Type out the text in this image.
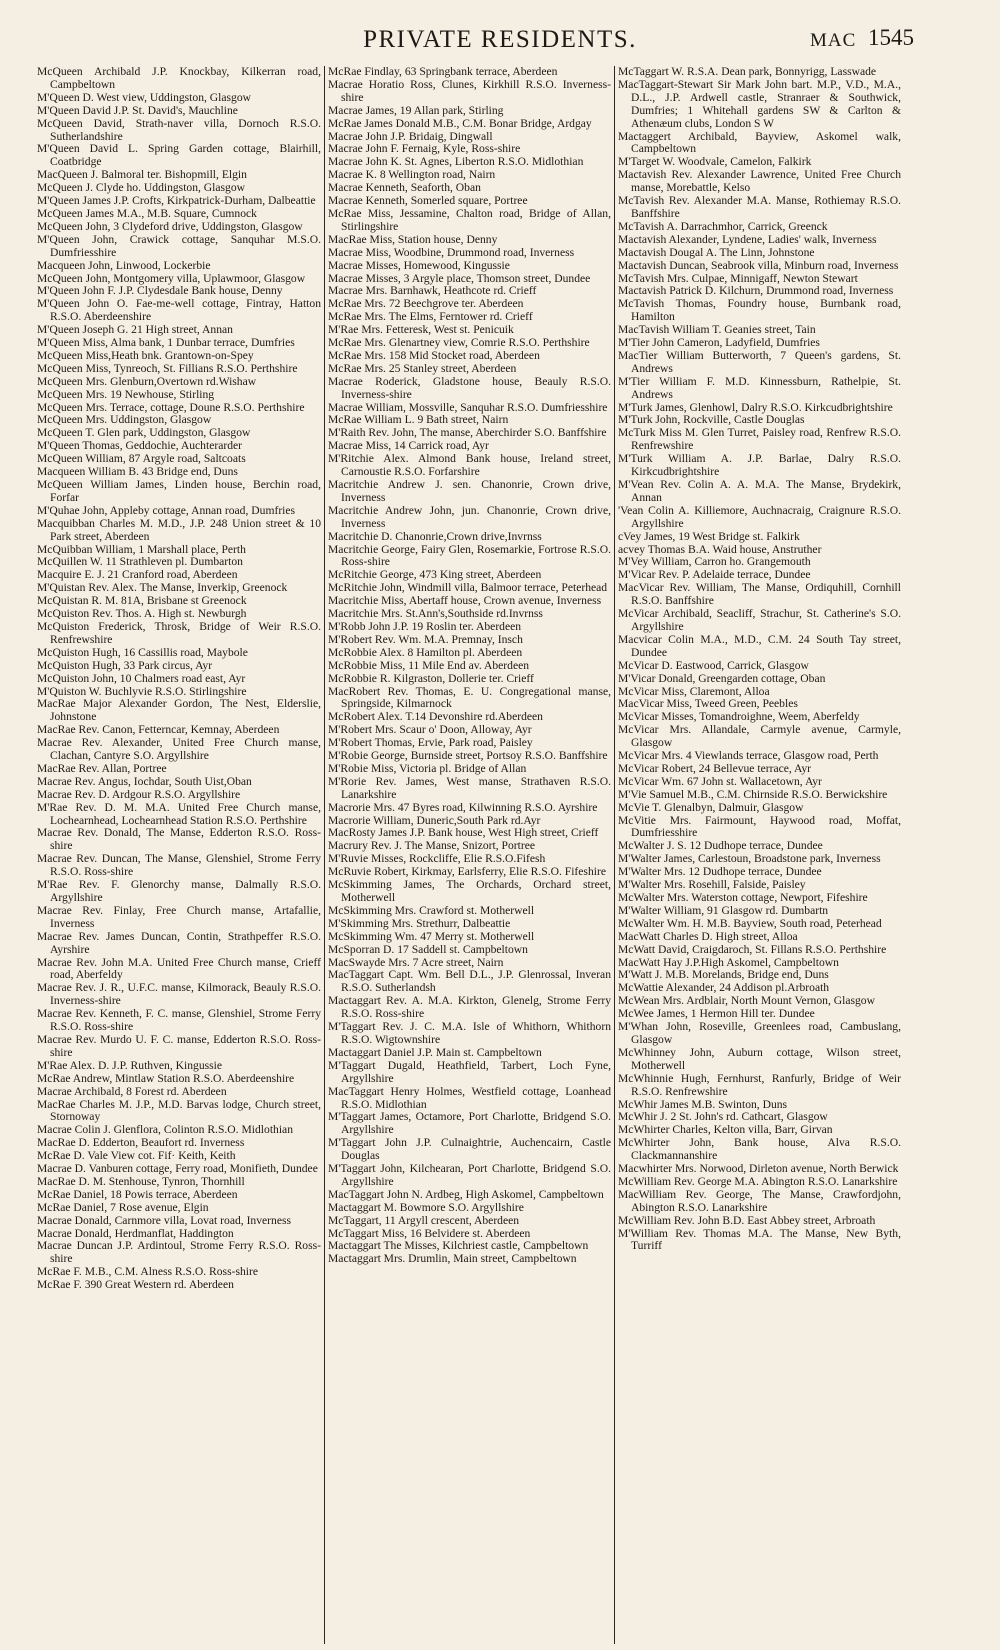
PRIVATE RESIDENTS.	MAC 1545

McQueen Archibald J.P. Knockbay, Kilkerran road, Campbeltown

M'Queen D. West view, Uddingston, Glasgow

M'Queen David J.P. St. David's, Mauchline

McQueen David, Strath-naver villa, Dornoch R.S.O. Sutherlandshire

M'Queen David L. Spring Garden cottage, Blairhill, Coatbridge

MacQueen J. Balmoral ter. Bishopmill, Elgin

McQueen J. Clyde ho. Uddingston, Glasgow

M'Queen James J.P. Crofts, Kirkpatrick-Durham, Dalbeattie

McQueen James M.A., M.B. Square, Cumnock

McQueen John, 3 Clydeford drive, Uddingston, Glasgow

M'Queen John, Crawick cottage, Sanquhar M.S.O. Dumfriesshire

Macqueen John, Linwood, Lockerbie

McQueen John, Montgomery villa, Uplawmoor, Glasgow

M'Queen John F. J.P. Clydesdale Bank house, Denny

M'Queen John O. Fae-me-well cottage, Fintray, Hatton R.S.O. Aberdeenshire

M'Queen Joseph G. 21 High street, Annan

M'Queen Miss, Alma bank, 1 Dunbar terrace, Dumfries

McQueen Miss,Heath bnk. Grantown-on-Spey

McQueen Miss, Tynreoch, St. Fillians R.S.O. Perthshire

McQueen Mrs. Glenburn,Overtown rd.Wishaw

McQueen Mrs. 19 Newhouse, Stirling

McQueen Mrs. Terrace, cottage, Doune R.S.O. Perthshire

McQueen Mrs. Uddingston, Glasgow

McQueen T. Glen park, Uddingston, Glasgow

M'Queen Thomas, Geddochie, Auchterarder

McQueen William, 87 Argyle road, Saltcoats

Macqueen William B. 43 Bridge end, Duns

McQueen William James, Linden house, Berchin road, Forfar

M'Quhae John, Appleby cottage, Annan road, Dumfries

Macquibban Charles M. M.D., J.P. 248 Union street & 10 Park street, Aberdeen

McQuibban William, 1 Marshall place, Perth

McQuillen W. 11 Strathleven pl. Dumbarton

Macquire E. J. 21 Cranford road, Aberdeen

M'Quistan Rev. Alex. The Manse, Inverkip, Greenock

McQuistan R. M. 81A, Brisbane st Greenock

McQuiston Rev. Thos. A. High st. Newburgh

McQuiston Frederick, Throsk, Bridge of Weir R.S.O. Renfrewshire

McQuiston Hugh, 16 Cassillis road, Maybole

McQuiston Hugh, 33 Park circus, Ayr

McQuiston John, 10 Chalmers road east, Ayr

M'Quiston W. Buchlyvie R.S.O. Stirlingshire

MacRae Major Alexander Gordon, The Nest, Elderslie, Johnstone

MacRae Rev. Canon, Fetterncar, Kemnay, Aberdeen

Macrae Rev. Alexander, United Free Church manse, Clachan, Cantyre S.O. Argyllshire

MacRae Rev. Allan, Portree

Macrae Rev. Angus, Iochdar, South Uist,Oban

Macrae Rev. D. Ardgour R.S.O. Argyllshire

M'Rae Rev. D. M. M.A. United Free Church manse, Lochearnhead, Lochearnhead Station R.S.O. Perthshire

Macrae Rev. Donald, The Manse, Edderton R.S.O. Ross-shire

Macrae Rev. Duncan, The Manse, Glenshiel, Strome Ferry R.S.O. Ross-shire

M'Rae Rev. F. Glenorchy manse, Dalmally R.S.O. Argyllshire

Macrae Rev. Finlay, Free Church manse, Artafallie, Inverness

Macrae Rev. James Duncan, Contin, Strathpeffer R.S.O. Ayrshire

Macrae Rev. John M.A. United Free Church manse, Crieff road, Aberfeldy

Macrae Rev. J. R., U.F.C. manse, Kilmorack, Beauly R.S.O. Inverness-shire

Macrae Rev. Kenneth, F. C. manse, Glenshiel, Strome Ferry R.S.O. Ross-shire

Macrae Rev. Murdo U. F. C. manse, Edderton R.S.O. Ross-shire

M'Rae Alex. D. J.P. Ruthven, Kingussie

McRae Andrew, Mintlaw Station R.S.O. Aberdeenshire

Macrae Archibald, 8 Forest rd. Aberdeen

MacRae Charles M. J.P., M.D. Barvas lodge, Church street, Stornoway

Macrae Colin J. Glenflora, Colinton R.S.O. Midlothian

MacRae D. Edderton, Beaufort rd. Inverness

McRae D. Vale View cot. Fif· Keith, Keith

Macrae D. Vanburen cottage, Ferry road, Monifieth, Dundee

MacRae D. M. Stenhouse, Tynron, Thornhill

McRae Daniel, 18 Powis terrace, Aberdeen

McRae Daniel, 7 Rose avenue, Elgin

Macrae Donald, Carnmore villa, Lovat road, Inverness

Macrae Donald, Herdmanflat, Haddington

Macrae Duncan J.P. Ardintoul, Strome Ferry R.S.O. Ross-shire

McRae F. M.B., C.M. Alness R.S.O. Ross-shire

McRae F. 390 Great Western rd. Aberdeen

McRae Findlay, 63 Springbank terrace, Aberdeen

Macrae Horatio Ross, Clunes, Kirkhill R.S.O. Inverness-shire

Macrae James, 19 Allan park, Stirling

McRae James Donald M.B., C.M. Bonar Bridge, Ardgay

Macrae John J.P. Bridaig, Dingwall

Macrae John F. Fernaig, Kyle, Ross-shire

Macrae John K. St. Agnes, Liberton R.S.O. Midlothian

Macrae K. 8 Wellington road, Nairn

Macrae Kenneth, Seaforth, Oban

Macrae Kenneth, Somerled square, Portree

McRae Miss, Jessamine, Chalton road, Bridge of Allan, Stirlingshire

MacRae Miss, Station house, Denny

Macrae Miss, Woodbine, Drummond road, Inverness

Macrae Misses, Homewood, Kingussie

Macrae Misses, 3 Argyle place, Thomson street, Dundee

Macrae Mrs. Barnhawk, Heathcote rd. Crieff

McRae Mrs. 72 Beechgrove ter. Aberdeen

McRae Mrs. The Elms, Ferntower rd. Crieff

M'Rae Mrs. Fetteresk, West st. Penicuik

McRae Mrs. Glenartney view, Comrie R.S.O. Perthshire

McRae Mrs. 158 Mid Stocket road, Aberdeen

McRae Mrs. 25 Stanley street, Aberdeen

Macrae Roderick, Gladstone house, Beauly R.S.O. Inverness-shire

Macrae William, Mossville, Sanquhar R.S.O. Dumfriesshire

McRae William L. 9 Bath street, Nairn

M'Raith Rev. John, The manse, Aberchirder S.O. Banffshire

Macrae Miss, 14 Carrick road, Ayr

M'Ritchie Alex. Almond Bank house, Ireland street, Carnoustie R.S.O. Forfarshire

Macritchie Andrew J. sen. Chanonrie, Crown drive, Inverness

Macritchie Andrew John, jun. Chanonrie, Crown drive, Inverness

Macritchie D. Chanonrie,Crown drive,Invrnss

Macritchie George, Fairy Glen, Rosemarkie, Fortrose R.S.O. Ross-shire

McRitchie George, 473 King street, Aberdeen

McRitchie John, Windmill villa, Balmoor terrace, Peterhead

Macritchie Miss, Abertaff house, Crown avenue, Inverness

Macritchie Mrs. St.Ann's,Southside rd.Invrnss

M'Robb John J.P. 19 Roslin ter. Aberdeen

M'Robert Rev. Wm. M.A. Premnay, Insch

McRobbie Alex. 8 Hamilton pl. Aberdeen

McRobbie Miss, 11 Mile End av. Aberdeen

McRobbie R. Kilgraston, Dollerie ter. Crieff

MacRobert Rev. Thomas, E. U. Congregational manse, Springside, Kilmarnock

McRobert Alex. T.14 Devonshire rd.Aberdeen

M'Robert Mrs. Scaur o' Doon, Alloway, Ayr

M'Robert Thomas, Ervie, Park road, Paisley

M'Robie George, Burnside street, Portsoy R.S.O. Banffshire

M'Robie Miss, Victoria pl. Bridge of Allan

M'Rorie Rev. James, West manse, Strathaven R.S.O. Lanarkshire

Macrorie Mrs. 47 Byres road, Kilwinning R.S.O. Ayrshire

Macrorie William, Duneric,South Park rd.Ayr

MacRosty James J.P. Bank house, West High street, Crieff

Macrury Rev. J. The Manse, Snizort, Portree

M'Ruvie Misses, Rockcliffe, Elie R.S.O.Fifesh

McRuvie Robert, Kirkmay, Earlsferry, Elie R.S.O. Fifeshire

McSkimming James, The Orchards, Orchard street, Motherwell

McSkimming Mrs. Crawford st. Motherwell

M'Skimming Mrs. Strethurr, Dalbeattie

McSkimming Wm. 47 Merry st. Motherwell

McSporran D. 17 Saddell st. Campbeltown

MacSwayde Mrs. 7 Acre street, Nairn

MacTaggart Capt. Wm. Bell D.L., J.P. Glenrossal, Inveran R.S.O. Sutherlandsh

Mactaggart Rev. A. M.A. Kirkton, Glenelg, Strome Ferry R.S.O. Ross-shire

M'Taggart Rev. J. C. M.A. Isle of Whithorn, Whithorn R.S.O. Wigtownshire

Mactaggart Daniel J.P. Main st. Campbeltown

M'Taggart Dugald, Heathfield, Tarbert, Loch Fyne, Argyllshire

MacTaggart Henry Holmes, Westfield cottage, Loanhead R.S.O. Midlothian

M'Taggart James, Octamore, Port Charlotte, Bridgend S.O. Argyllshire

M'Taggart John J.P. Culnaightrie, Auchencairn, Castle Douglas

M'Taggart John, Kilchearan, Port Charlotte, Bridgend S.O. Argyllshire

MacTaggart John N. Ardbeg, High Askomel, Campbeltown

Mactaggart M. Bowmore S.O. Argyllshire

McTaggart, 11 Argyll crescent, Aberdeen

McTaggart Miss, 16 Belvidere st. Aberdeen

Mactaggart The Misses, Kilchriest castle, Campbeltown

Mactaggart Mrs. Drumlin, Main street, Campbeltown

McTaggart W. R.S.A. Dean park, Bonnyrigg, Lasswade

MacTaggart-Stewart Sir Mark John bart. M.P., V.D., M.A., D.L., J.P. Ardwell castle, Stranraer & Southwick, Dumfries; 1 Whitehall gardens SW & Carlton & Athenæum clubs, London S W

Mactaggert Archibald, Bayview, Askomel walk, Campbeltown

M'Target W. Woodvale, Camelon, Falkirk

Mactavish Rev. Alexander Lawrence, United Free Church manse, Morebattle, Kelso

McTavish Rev. Alexander M.A. Manse, Rothiemay R.S.O. Banffshire

McTavish A. Darrachmhor, Carrick, Greenck

Mactavish Alexander, Lyndene, Ladies' walk, Inverness

Mactavish Dougal A. The Linn, Johnstone

Mactavish Duncan, Seabrook villa, Minburn road, Inverness

McTavish Mrs. Culpae, Minnigaff, Newton Stewart

Mactavish Patrick D. Kilchurn, Drummond road, Inverness

McTavish Thomas, Foundry house, Burnbank road, Hamilton

MacTavish William T. Geanies street, Tain

M'Tier John Cameron, Ladyfield, Dumfries

MacTier William Butterworth, 7 Queen's gardens, St. Andrews

M'Tier William F. M.D. Kinnessburn, Rathelpie, St. Andrews

M'Turk James, Glenhowl, Dalry R.S.O. Kirkcudbrightshire

M'Turk John, Rockville, Castle Douglas

McTurk Miss M. Glen Turret, Paisley road, Renfrew R.S.O. Renfrewshire

M'Turk William A. J.P. Barlae, Dalry R.S.O. Kirkcudbrightshire

M'Vean Rev. Colin A. A. M.A. The Manse, Brydekirk, Annan

'Vean Colin A. Killiemore, Auchnacraig, Craignure R.S.O. Argyllshire

cVey James, 19 West Bridge st. Falkirk

acvey Thomas B.A. Waid house, Anstruther

M'Vey William, Carron ho. Grangemouth

M'Vicar Rev. P. Adelaide terrace, Dundee

MacVicar Rev. William, The Manse, Ordiquhill, Cornhill R.S.O. Banffshire

McVicar Archibald, Seacliff, Strachur, St. Catherine's S.O. Argyllshire

Macvicar Colin M.A., M.D., C.M. 24 South Tay street, Dundee

McVicar D. Eastwood, Carrick, Glasgow

M'Vicar Donald, Greengarden cottage, Oban

McVicar Miss, Claremont, Alloa

MacVicar Miss, Tweed Green, Peebles

McVicar Misses, Tomandroighne, Weem, Aberfeldy

McVicar Mrs. Allandale, Carmyle avenue, Carmyle, Glasgow

McVicar Mrs. 4 Viewlands terrace, Glasgow road, Perth

McVicar Robert, 24 Bellevue terrace, Ayr

McVicar Wm. 67 John st. Wallacetown, Ayr

M'Vie Samuel M.B., C.M. Chirnside R.S.O. Berwickshire

McVie T. Glenalbyn, Dalmuir, Glasgow

McVitie Mrs. Fairmount, Haywood road, Moffat, Dumfriesshire

McWalter J. S. 12 Dudhope terrace, Dundee

M'Walter James, Carlestoun, Broadstone park, Inverness

M'Walter Mrs. 12 Dudhope terrace, Dundee

M'Walter Mrs. Rosehill, Falside, Paisley

McWalter Mrs. Waterston cottage, Newport, Fifeshire

M'Walter William, 91 Glasgow rd. Dumbartn

McWalter Wm. H. M.B. Bayview, South road, Peterhead

MacWatt Charles D. High street, Alloa

McWatt David, Craigdaroch, St. Fillans R.S.O. Perthshire

MacWatt Hay J.P.High Askomel, Campbeltown

M'Watt J. M.B. Morelands, Bridge end, Duns

McWattie Alexander, 24 Addison pl.Arbroath

McWean Mrs. Ardblair, North Mount Vernon, Glasgow

McWee James, 1 Hermon Hill ter. Dundee

M'Whan John, Roseville, Greenlees road, Cambuslang, Glasgow

McWhinney John, Auburn cottage, Wilson street, Motherwell

McWhinnie Hugh, Fernhurst, Ranfurly, Bridge of Weir R.S.O. Renfrewshire

McWhir James M.B. Swinton, Duns

McWhir J. 2 St. John's rd. Cathcart, Glasgow

McWhirter Charles, Kelton villa, Barr, Girvan

McWhirter John, Bank house, Alva R.S.O. Clackmannanshire

Macwhirter Mrs. Norwood, Dirleton avenue, North Berwick

McWilliam Rev. George M.A. Abington R.S.O. Lanarkshire

MacWilliam Rev. George, The Manse, Crawfordjohn, Abington R.S.O. Lanarkshire

McWilliam Rev. John B.D. East Abbey street, Arbroath

M'William Rev. Thomas M.A. The Manse, New Byth, Turriff
